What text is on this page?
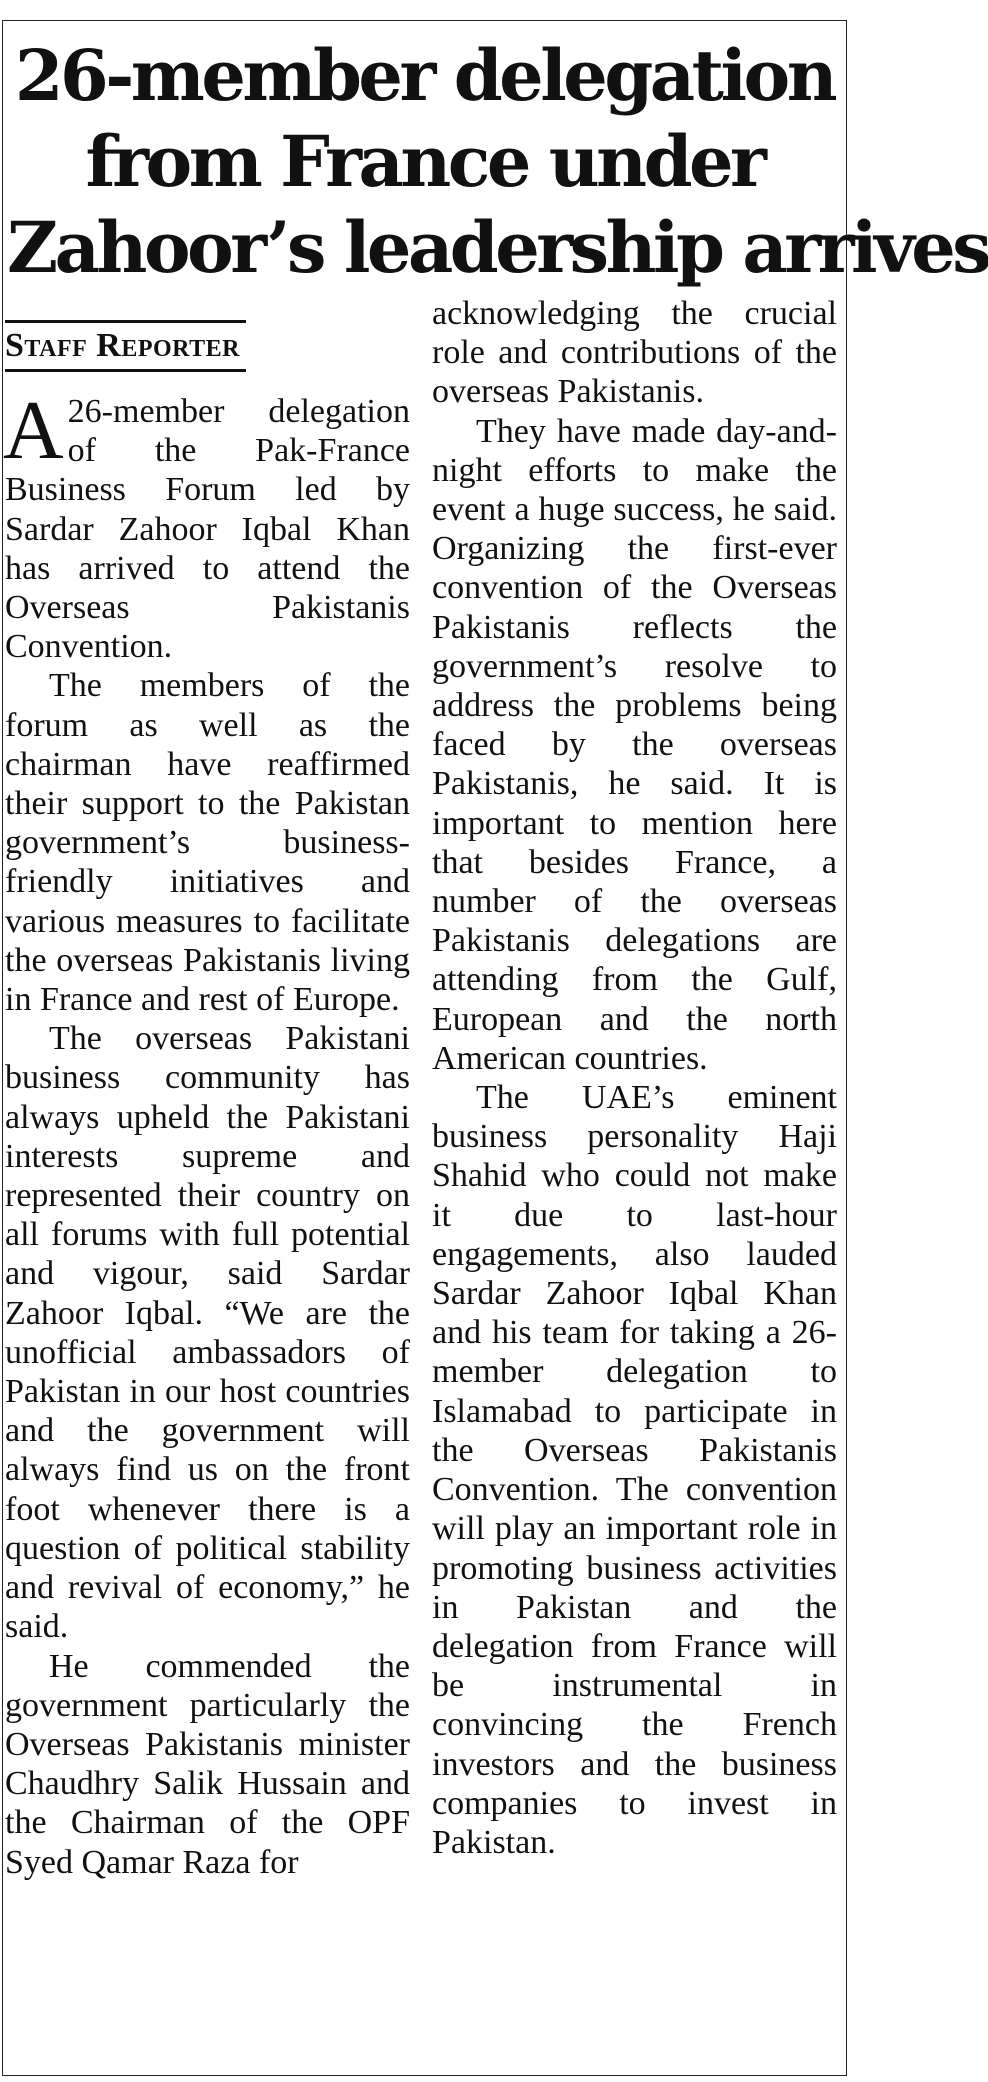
26-member delegation
from France under
Zahoor’s leadership arrives
Staff Reporter

A 26-member delegation of the Pak-France Business Forum led by Sardar Zahoor Iqbal Khan has arrived to attend the Overseas Pakistanis Convention.

The members of the forum as well as the chairman have reaffirmed their support to the Pakistan government’s business-friendly initiatives and various measures to facilitate the overseas Pakistanis living in France and rest of Europe.

The overseas Pakistani business community has always upheld the Pakistani interests supreme and represented their country on all forums with full potential and vigour, said Sardar Zahoor Iqbal. “We are the unofficial ambassadors of Pakistan in our host countries and the government will always find us on the front foot whenever there is a question of political stability and revival of economy,” he said.

He commended the government particularly the Overseas Pakistanis minister Chaudhry Salik Hussain and the Chairman of the OPF Syed Qamar Raza for

acknowledging the crucial role and contributions of the overseas Pakistanis.

They have made day-and-night efforts to make the event a huge success, he said. Organizing the first-ever convention of the Overseas Pakistanis reflects the government’s resolve to address the problems being faced by the overseas Pakistanis, he said. It is important to mention here that besides France, a number of the overseas Pakistanis delegations are attending from the Gulf, European and the north American countries.

The UAE’s eminent business personality Haji Shahid who could not make it due to last-hour engagements, also lauded Sardar Zahoor Iqbal Khan and his team for taking a 26-member delegation to Islamabad to participate in the Overseas Pakistanis Convention. The convention will play an important role in promoting business activities in Pakistan and the delegation from France will be instrumental in convincing the French investors and the business companies to invest in Pakistan.
